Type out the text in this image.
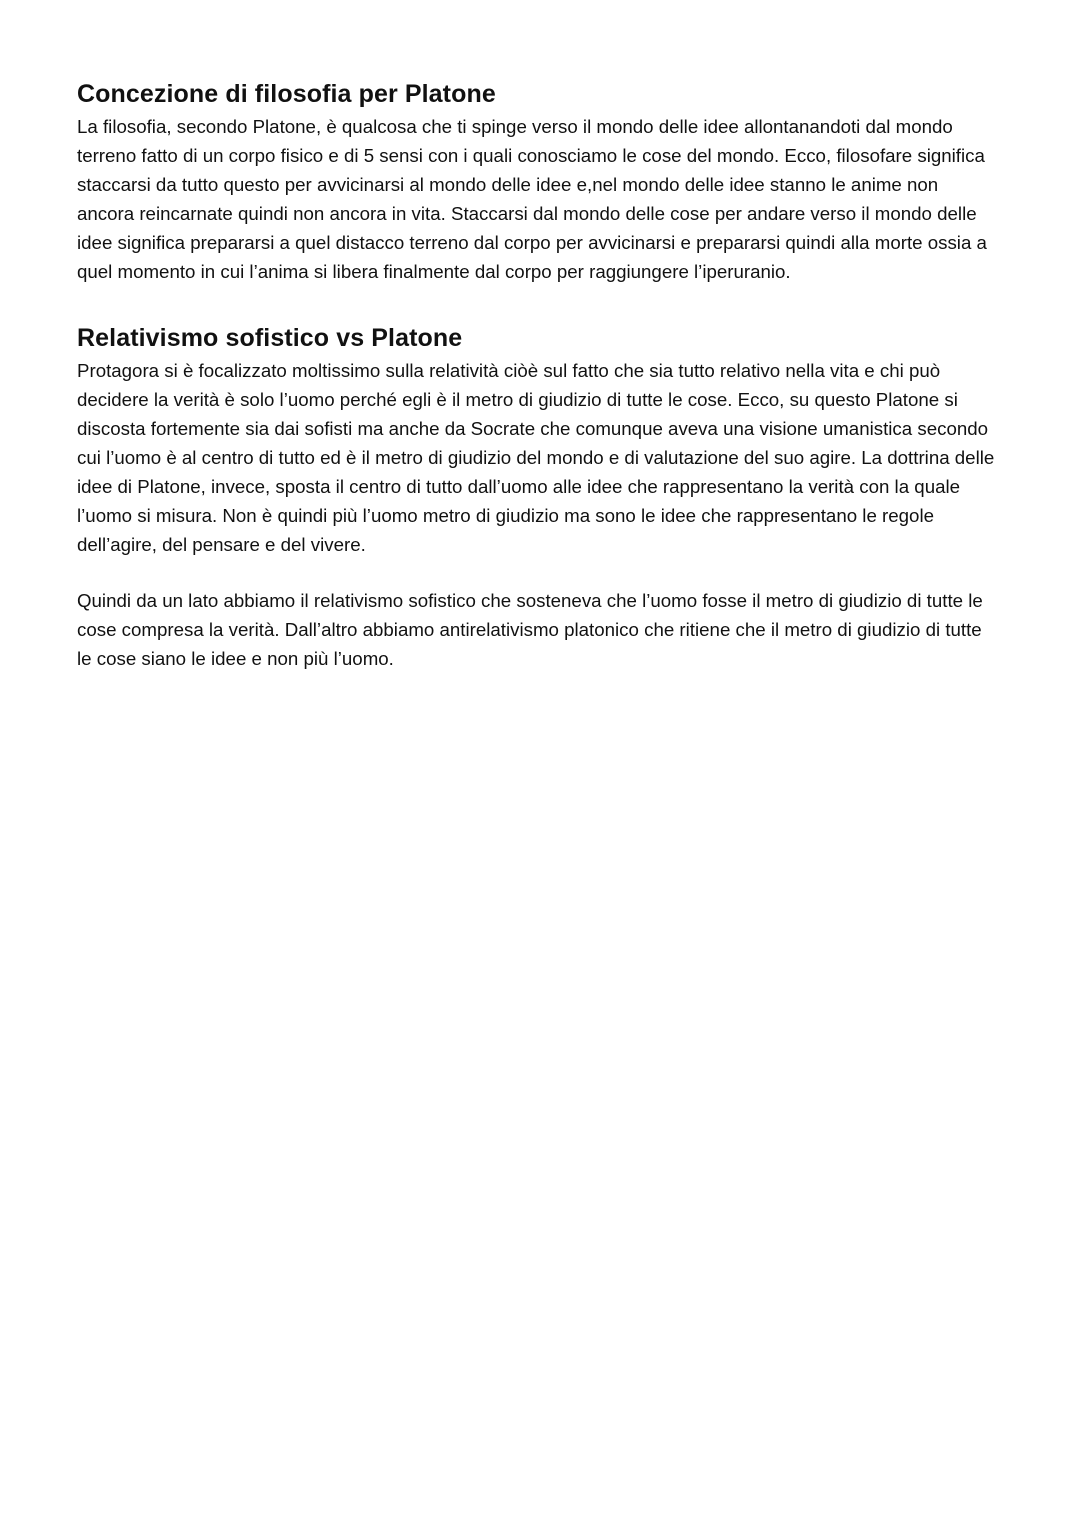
Concezione di filosofia per Platone

La filosofia, secondo Platone, è qualcosa che ti spinge verso il mondo delle idee allontanandoti dal mondo terreno fatto di un corpo fisico e di 5 sensi con i quali conosciamo le cose del mondo. Ecco, filosofare significa staccarsi da tutto questo per avvicinarsi al mondo delle idee e,nel mondo delle idee stanno le anime non ancora reincarnate quindi non ancora in vita. Staccarsi dal mondo delle cose per andare verso il mondo delle idee significa prepararsi a quel distacco terreno dal corpo per avvicinarsi e prepararsi quindi alla morte ossia a quel momento in cui l’anima si libera finalmente dal corpo per raggiungere l’iperuranio.

Relativismo sofistico vs Platone

Protagora si è focalizzato moltissimo sulla relatività ciòè sul fatto che sia tutto relativo nella vita e chi può decidere la verità è solo l’uomo perché egli è il metro di giudizio di tutte le cose. Ecco, su questo Platone si discosta fortemente sia dai sofisti ma anche da Socrate che comunque aveva una visione umanistica secondo cui l’uomo è al centro di tutto ed è il metro di giudizio del mondo e di valutazione del suo agire. La dottrina delle idee di Platone, invece, sposta il centro di tutto dall’uomo alle idee che rappresentano la verità con la quale l’uomo si misura. Non è quindi più l’uomo metro di giudizio ma sono le idee che rappresentano le regole dell’agire, del pensare e del vivere.

Quindi da un lato abbiamo il relativismo sofistico che sosteneva che l’uomo fosse il metro di giudizio di tutte le cose compresa la verità. Dall’altro abbiamo antirelativismo platonico che ritiene che il metro di giudizio di tutte le cose siano le idee e non più l’uomo.
